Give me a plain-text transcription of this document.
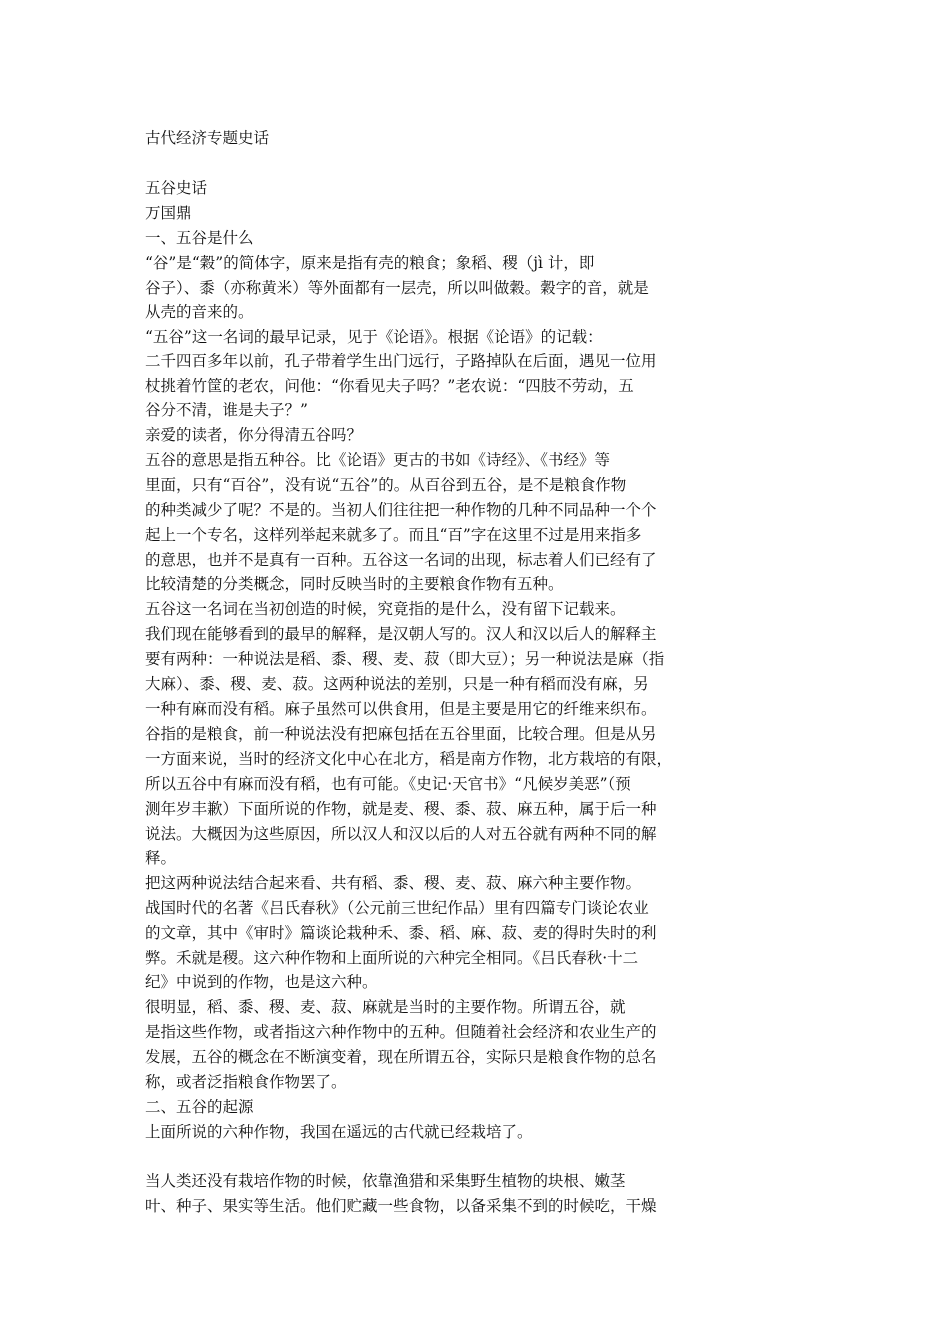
古代经济专题史话
五谷史话
万国鼎
一、五谷是什么
“谷”是“穀”的简体字，原来是指有壳的粮食；象稻、稷（jì 计，即
谷子）、黍（亦称黄米）等外面都有一层壳，所以叫做穀。穀字的音，就是
从壳的音来的。
“五谷”这一名词的最早记录，见于《论语》。根据《论语》的记载：
二千四百多年以前，孔子带着学生出门远行，子路掉队在后面，遇见一位用
杖挑着竹筐的老农，问他：“你看见夫子吗？”老农说：“四肢不劳动，五
谷分不清，谁是夫子？”
亲爱的读者，你分得清五谷吗？
五谷的意思是指五种谷。比《论语》更古的书如《诗经》、《书经》等
里面，只有“百谷”，没有说“五谷”的。从百谷到五谷，是不是粮食作物
的种类减少了呢？不是的。当初人们往往把一种作物的几种不同品种一个个
起上一个专名，这样列举起来就多了。而且“百”字在这里不过是用来指多
的意思，也并不是真有一百种。五谷这一名词的出现，标志着人们已经有了
比较清楚的分类概念，同时反映当时的主要粮食作物有五种。
五谷这一名词在当初创造的时候，究竟指的是什么，没有留下记载来。
我们现在能够看到的最早的解释，是汉朝人写的。汉人和汉以后人的解释主
要有两种：一种说法是稻、黍、稷、麦、菽（即大豆）；另一种说法是麻（指
大麻）、黍、稷、麦、菽。这两种说法的差别，只是一种有稻而没有麻，另
一种有麻而没有稻。麻子虽然可以供食用，但是主要是用它的纤维来织布。
谷指的是粮食，前一种说法没有把麻包括在五谷里面，比较合理。但是从另
一方面来说，当时的经济文化中心在北方，稻是南方作物，北方栽培的有限，
所以五谷中有麻而没有稻，也有可能。《史记·天官书》“凡候岁美恶”（预
测年岁丰歉）下面所说的作物，就是麦、稷、黍、菽、麻五种，属于后一种
说法。大概因为这些原因，所以汉人和汉以后的人对五谷就有两种不同的解
释。
把这两种说法结合起来看、共有稻、黍、稷、麦、菽、麻六种主要作物。
战国时代的名著《吕氏春秋》（公元前三世纪作品）里有四篇专门谈论农业
的文章，其中《审时》篇谈论栽种禾、黍、稻、麻、菽、麦的得时失时的利
弊。禾就是稷。这六种作物和上面所说的六种完全相同。《吕氏春秋·十二
纪》中说到的作物，也是这六种。
很明显，稻、黍、稷、麦、菽、麻就是当时的主要作物。所谓五谷，就
是指这些作物，或者指这六种作物中的五种。但随着社会经济和农业生产的
发展，五谷的概念在不断演变着，现在所谓五谷，实际只是粮食作物的总名
称，或者泛指粮食作物罢了。
二、五谷的起源
上面所说的六种作物，我国在遥远的古代就已经栽培了。
当人类还没有栽培作物的时候，依靠渔猎和采集野生植物的块根、嫩茎
叶、种子、果实等生活。他们贮藏一些食物，以备采集不到的时候吃，干燥
